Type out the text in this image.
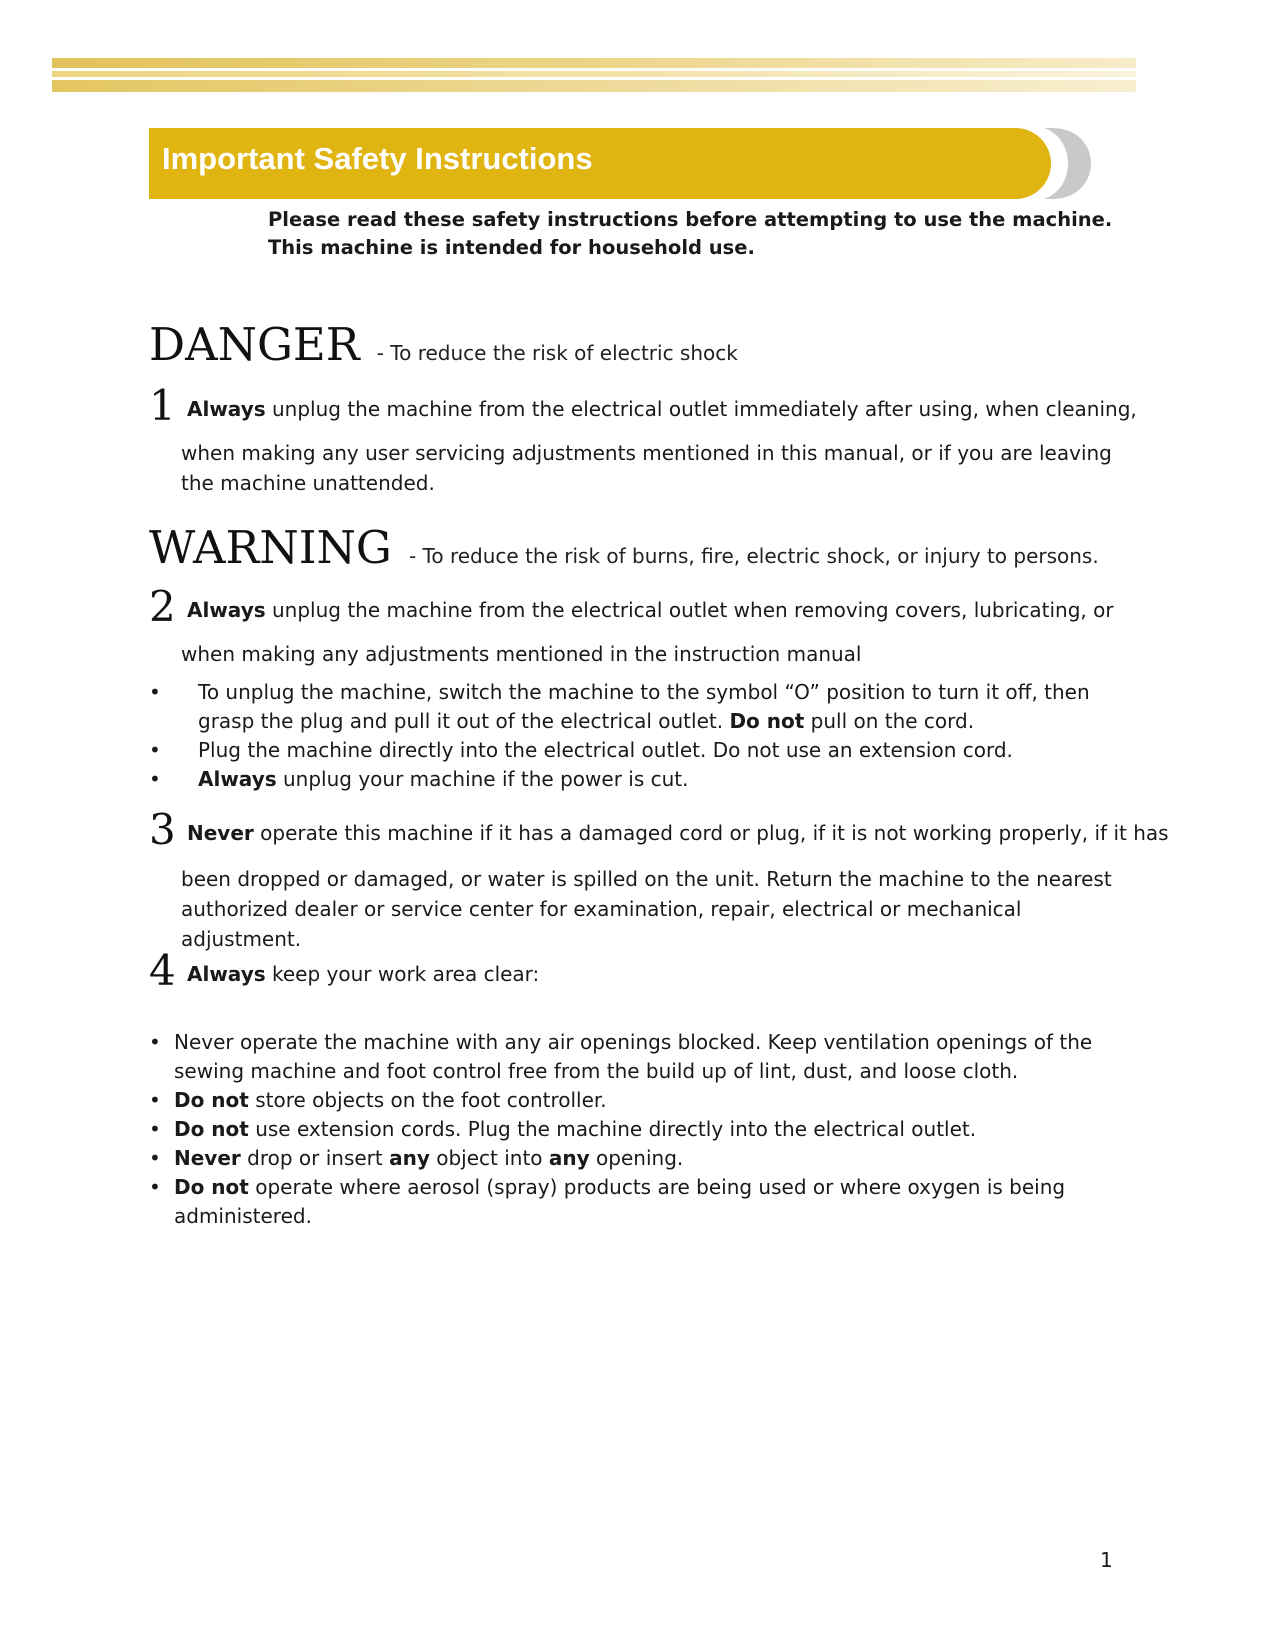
Important Safety Instructions
Please read these safety instructions before attempting to use the machine.
This machine is intended for household use.
DANGER - To reduce the risk of electric shock
1 Always unplug the machine from the electrical outlet immediately after using, when cleaning,
when making any user servicing adjustments mentioned in this manual, or if you are leaving the machine unattended.
WARNING - To reduce the risk of burns, fire, electric shock, or injury to persons.
2 Always unplug the machine from the electrical outlet when removing covers, lubricating, or
when making any adjustments mentioned in the instruction manual
• To unplug the machine, switch the machine to the symbol “O” position to turn it off, then grasp the plug and pull it out of the electrical outlet. Do not pull on the cord.
• Plug the machine directly into the electrical outlet. Do not use an extension cord.
• Always unplug your machine if the power is cut.
3 Never operate this machine if it has a damaged cord or plug, if it is not working properly, if it has
been dropped or damaged, or water is spilled on the unit. Return the machine to the nearest authorized dealer or service center for examination, repair, electrical or mechanical adjustment.
4 Always keep your work area clear:
• Never operate the machine with any air openings blocked. Keep ventilation openings of the sewing machine and foot control free from the build up of lint, dust, and loose cloth.
• Do not store objects on the foot controller.
• Do not use extension cords. Plug the machine directly into the electrical outlet.
• Never drop or insert any object into any opening.
• Do not operate where aerosol (spray) products are being used or where oxygen is being administered.
1
